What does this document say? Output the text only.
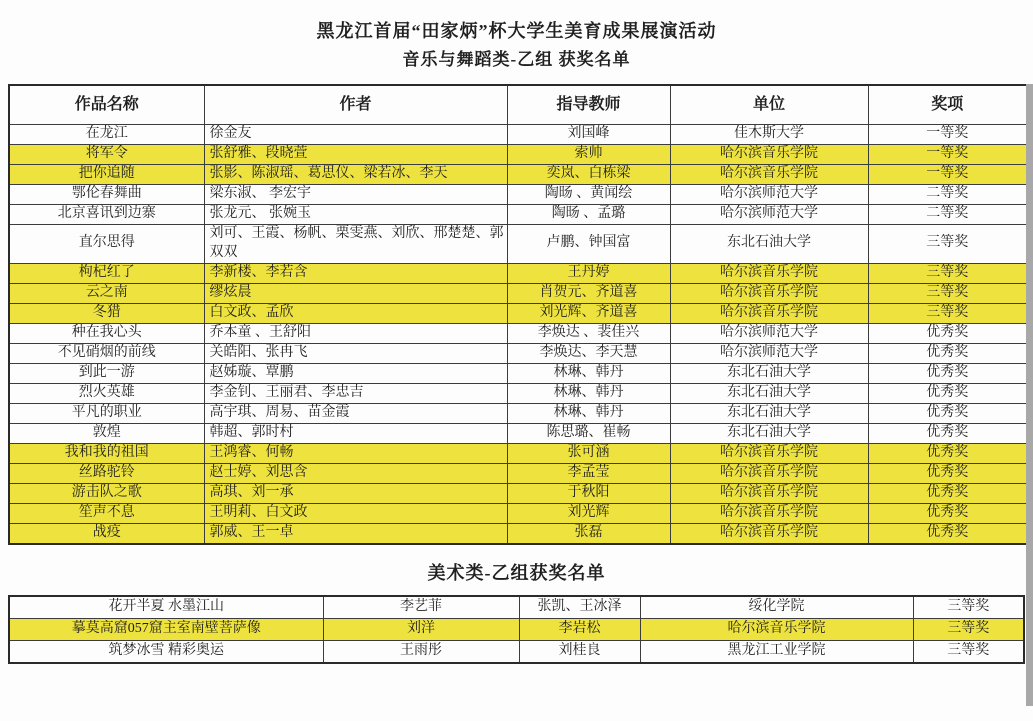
黑龙江首届“田家炳”杯大学生美育成果展演活动
音乐与舞蹈类-乙组 获奖名单
作品名称	作者	指导教师	单位	奖项
在龙江	徐金友	刘国峰	佳木斯大学	一等奖
将军令	张舒雅、段晓萱	索帅	哈尔滨音乐学院	一等奖
把你追随	张影、陈淑瑶、葛思仪、梁若冰、李天	奕岚、白栋梁	哈尔滨音乐学院	一等奖
鄂伦春舞曲	梁东淑、 李宏宇	陶旸 、黄闻绘	哈尔滨师范大学	二等奖
北京喜讯到边寨	张龙元、 张婉玉	陶旸 、孟璐	哈尔滨师范大学	二等奖
直尔思得	刘可、王霞、杨帆、栗雯燕、刘欣、邢楚楚、郭双双	卢鹏、钟国富	东北石油大学	三等奖
枸杞红了	李新楼、李若含	王丹婷	哈尔滨音乐学院	三等奖
云之南	缪炫晨	肖贺元、齐道喜	哈尔滨音乐学院	三等奖
冬猎	白文政、孟欣	刘光辉、齐道喜	哈尔滨音乐学院	三等奖
种在我心头	乔本童 、王舒阳	李焕达 、裴佳兴	哈尔滨师范大学	优秀奖
不见硝烟的前线	关皓阳、张冉飞	李焕达、李天慧	哈尔滨师范大学	优秀奖
到此一游	赵姊璇、覃鹏	林琳、韩丹	东北石油大学	优秀奖
烈火英雄	李金钊、王丽君、李忠吉	林琳、韩丹	东北石油大学	优秀奖
平凡的职业	高宇琪、周易、苗金霞	林琳、韩丹	东北石油大学	优秀奖
敦煌	韩超、郭时村	陈思璐、崔畅	东北石油大学	优秀奖
我和我的祖国	王鸿睿、何畅	张可涵	哈尔滨音乐学院	优秀奖
丝路驼铃	赵士婷、刘思含	李孟莹	哈尔滨音乐学院	优秀奖
游击队之歌	高琪、刘一承	于秋阳	哈尔滨音乐学院	优秀奖
笙声不息	王明莉、白文政	刘光辉	哈尔滨音乐学院	优秀奖
战疫	郭威、王一卓	张磊	哈尔滨音乐学院	优秀奖
美术类-乙组获奖名单
花开半夏 水墨江山	李艺菲	张凯、王冰泽	绥化学院	三等奖
摹莫高窟057窟主室南壁菩萨像	刘洋	李岩松	哈尔滨音乐学院	三等奖
筑梦冰雪 精彩奥运	王雨彤	刘桂良	黑龙江工业学院	三等奖
